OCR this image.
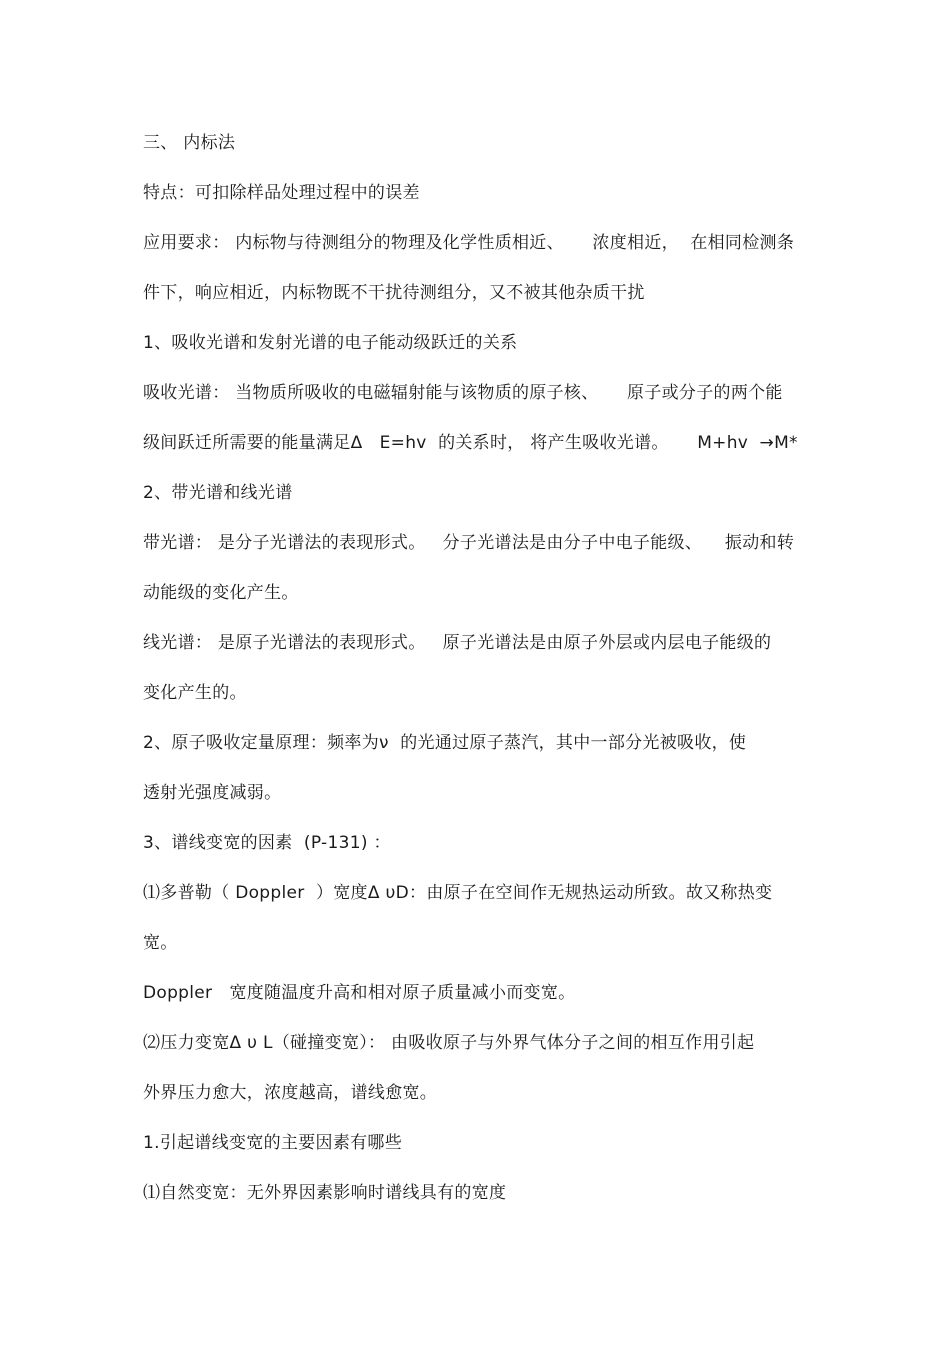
三、 内标法
特点：可扣除样品处理过程中的误差
应用要求： 内标物与待测组分的物理及化学性质相近、     浓度相近，  在相同检测条
件下，响应相近，内标物既不干扰待测组分，又不被其他杂质干扰
1、吸收光谱和发射光谱的电子能动级跃迁的关系
吸收光谱： 当物质所吸收的电磁辐射能与该物质的原子核、     原子或分子的两个能
级间跃迁所需要的能量满足Δ   E=hv  的关系时， 将产生吸收光谱。     M+hv  →M*
2、带光谱和线光谱
带光谱： 是分子光谱法的表现形式。   分子光谱法是由分子中电子能级、    振动和转
动能级的变化产生。
线光谱： 是原子光谱法的表现形式。   原子光谱法是由原子外层或内层电子能级的
变化产生的。
2、原子吸收定量原理：频率为ν  的光通过原子蒸汽，其中一部分光被吸收，使
透射光强度减弱。
3、谱线变宽的因素  (P-131) ：
⑴多普勒（ Doppler  ）宽度Δ υD：由原子在空间作无规热运动所致。故又称热变
宽。
Doppler   宽度随温度升高和相对原子质量减小而变宽。
⑵压力变宽Δ υ L（碰撞变宽）： 由吸收原子与外界气体分子之间的相互作用引起
外界压力愈大，浓度越高，谱线愈宽。
1.引起谱线变宽的主要因素有哪些
⑴自然变宽：无外界因素影响时谱线具有的宽度
